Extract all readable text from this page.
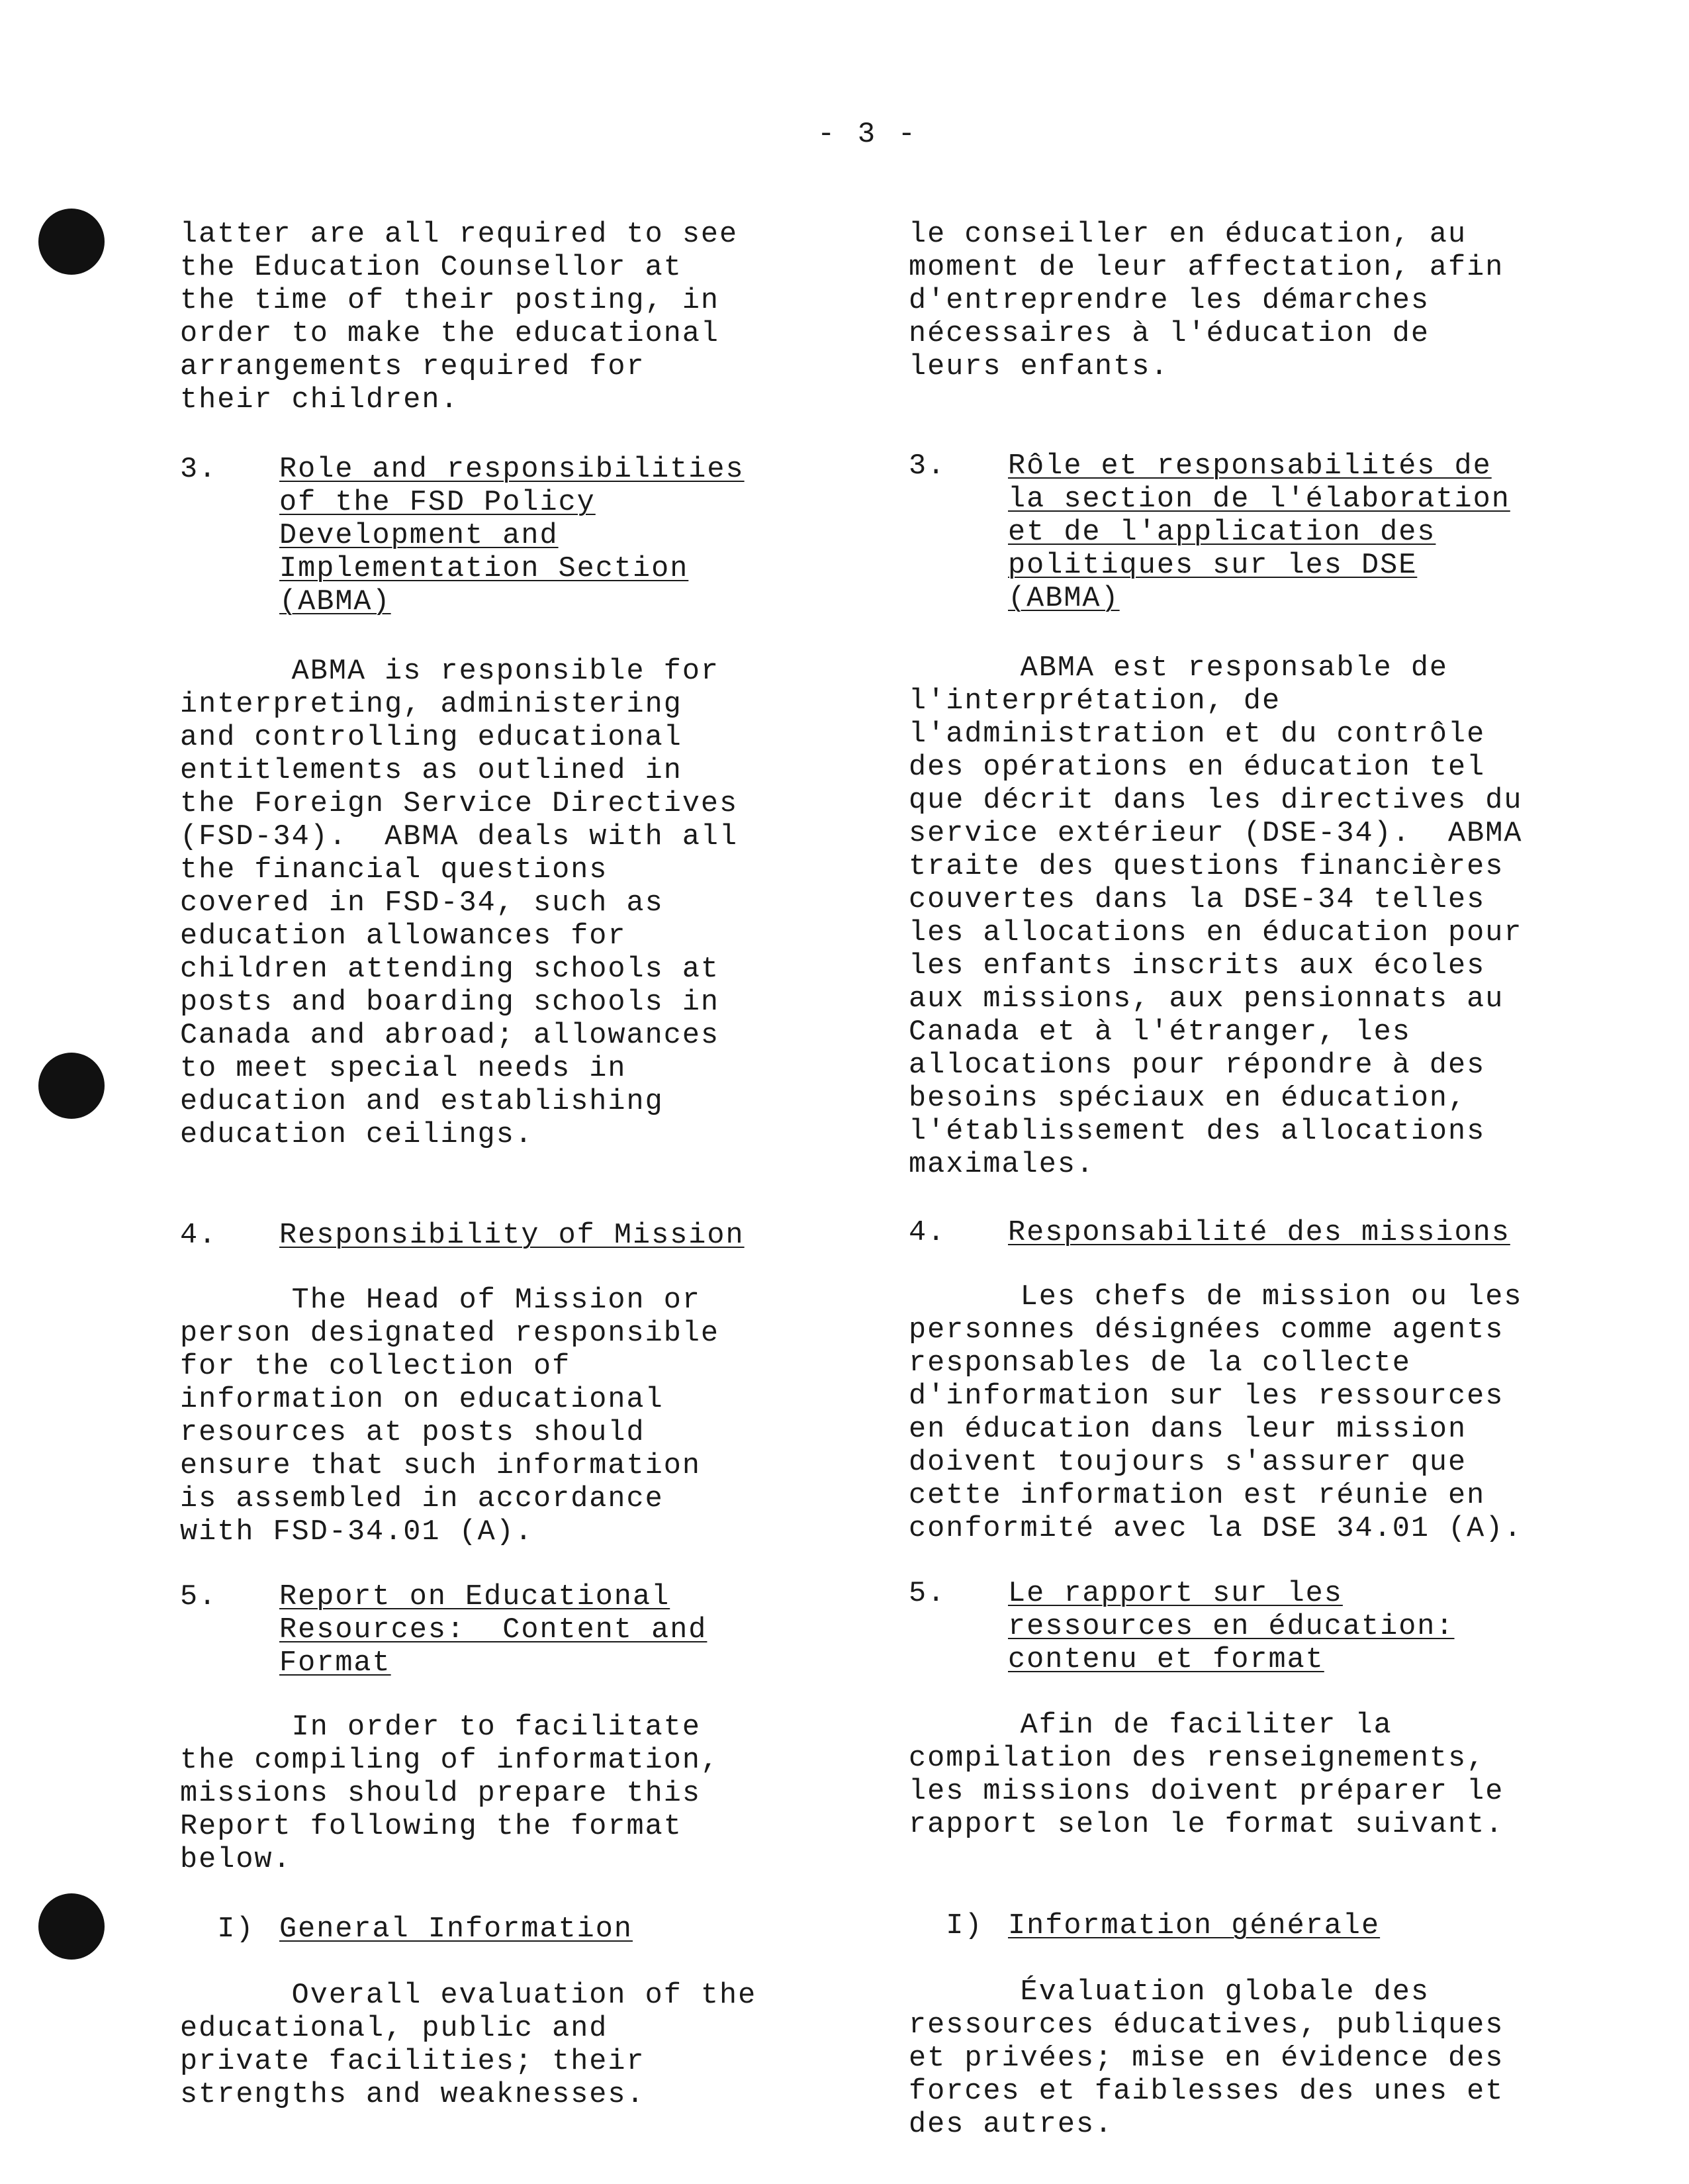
- 3 -
latter are all required to see
the Education Counsellor at
the time of their posting, in
order to make the educational
arrangements required for
their children.
3. Role and responsibilities
of the FSD Policy
Development and
Implementation Section
(ABMA)
ABMA is responsible for
interpreting, administering
and controlling educational
entitlements as outlined in
the Foreign Service Directives
(FSD-34).  ABMA deals with all
the financial questions
covered in FSD-34, such as
education allowances for
children attending schools at
posts and boarding schools in
Canada and abroad; allowances
to meet special needs in
education and establishing
education ceilings.
4. Responsibility of Mission
The Head of Mission or
person designated responsible
for the collection of
information on educational
resources at posts should
ensure that such information
is assembled in accordance
with FSD-34.01 (A).
5. Report on Educational
Resources:  Content and
Format
In order to facilitate
the compiling of information,
missions should prepare this
Report following the format
below.
I) General Information
Overall evaluation of the
educational, public and
private facilities; their
strengths and weaknesses.
le conseiller en éducation, au
moment de leur affectation, afin
d'entreprendre les démarches
nécessaires à l'éducation de
leurs enfants.
3. Rôle et responsabilités de
la section de l'élaboration
et de l'application des
politiques sur les DSE
(ABMA)
ABMA est responsable de
l'interprétation, de
l'administration et du contrôle
des opérations en éducation tel
que décrit dans les directives du
service extérieur (DSE-34).  ABMA
traite des questions financières
couvertes dans la DSE-34 telles
les allocations en éducation pour
les enfants inscrits aux écoles
aux missions, aux pensionnats au
Canada et à l'étranger, les
allocations pour répondre à des
besoins spéciaux en éducation,
l'établissement des allocations
maximales.
4. Responsabilité des missions
Les chefs de mission ou les
personnes désignées comme agents
responsables de la collecte
d'information sur les ressources
en éducation dans leur mission
doivent toujours s'assurer que
cette information est réunie en
conformité avec la DSE 34.01 (A).
5. Le rapport sur les
ressources en éducation:
contenu et format
Afin de faciliter la
compilation des renseignements,
les missions doivent préparer le
rapport selon le format suivant.
I) Information générale
Évaluation globale des
ressources éducatives, publiques
et privées; mise en évidence des
forces et faiblesses des unes et
des autres.
